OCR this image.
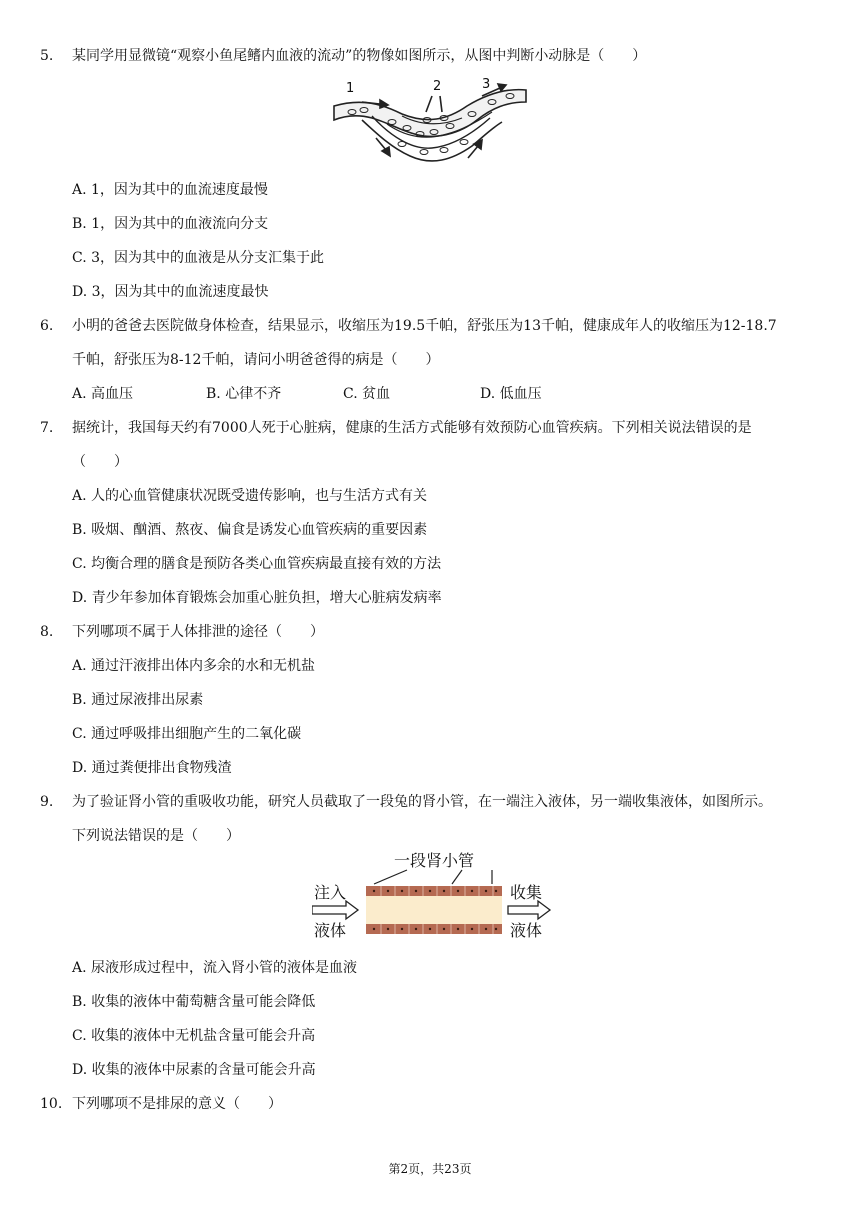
5.	某同学用显微镜“观察小鱼尾鳍内血液的流动”的物像如图所示，从图中判断小动脉是（　　）
1	2	3
A. 1，因为其中的血流速度最慢
B. 1，因为其中的血液流向分支
C. 3，因为其中的血液是从分支汇集于此
D. 3，因为其中的血流速度最快
6.	小明的爸爸去医院做身体检查，结果显示，收缩压为19.5千帕，舒张压为13千帕，健康成年人的收缩压为12-18.7
千帕，舒张压为8-12千帕，请问小明爸爸得的病是（　　）
A. 高血压	B. 心律不齐	C. 贫血	D. 低血压
7.	据统计，我国每天约有7000人死于心脏病，健康的生活方式能够有效预防心血管疾病。下列相关说法错误的是
（　　）
A. 人的心血管健康状况既受遗传影响，也与生活方式有关
B. 吸烟、酗酒、熬夜、偏食是诱发心血管疾病的重要因素
C. 均衡合理的膳食是预防各类心血管疾病最直接有效的方法
D. 青少年参加体育锻炼会加重心脏负担，增大心脏病发病率
8.	下列哪项不属于人体排泄的途径（　　）
A. 通过汗液排出体内多余的水和无机盐
B. 通过尿液排出尿素
C. 通过呼吸排出细胞产生的二氧化碳
D. 通过粪便排出食物残渣
9.	为了验证肾小管的重吸收功能，研究人员截取了一段兔的肾小管，在一端注入液体，另一端收集液体，如图所示。
下列说法错误的是（　　）
一段肾小管
注入
液体
收集
液体
A. 尿液形成过程中，流入肾小管的液体是血液
B. 收集的液体中葡萄糖含量可能会降低
C. 收集的液体中无机盐含量可能会升高
D. 收集的液体中尿素的含量可能会升高
10. 下列哪项不是排尿的意义（　　）
第2页，共23页
